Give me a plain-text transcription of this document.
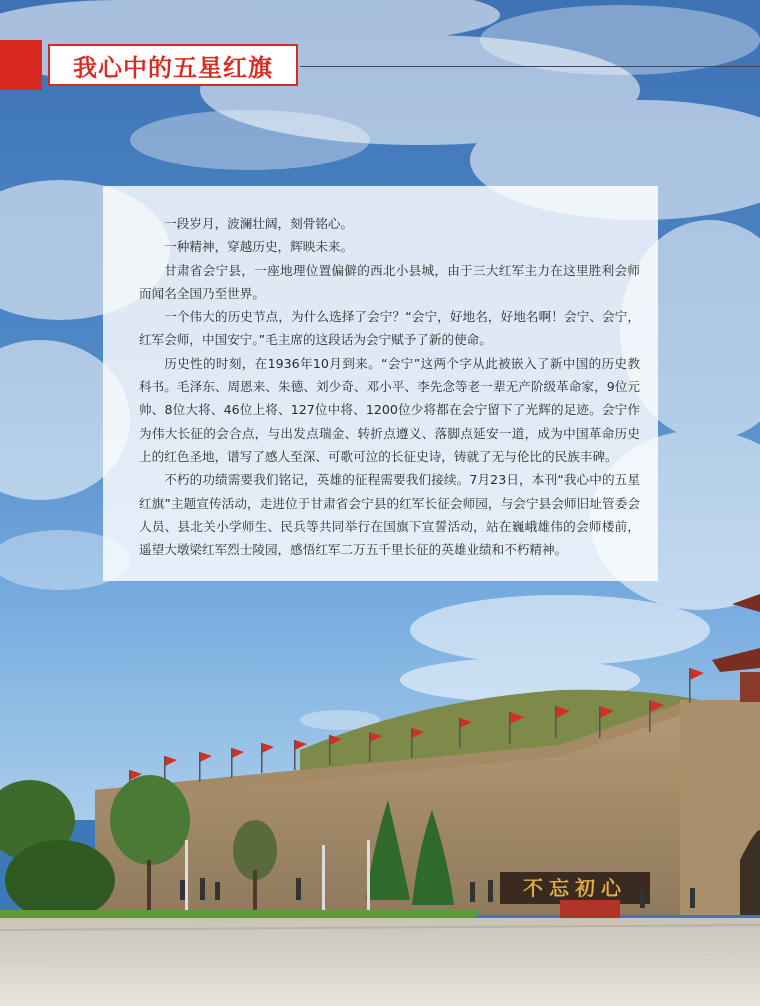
不忘初心
我心中的五星红旗

一段岁月，波澜壮阔，刻骨铭心。

一种精神，穿越历史，辉映未来。

甘肃省会宁县，一座地理位置偏僻的西北小县城，由于三大红军主力在这里胜利会师而闻名全国乃至世界。

一个伟大的历史节点，为什么选择了会宁？“会宁，好地名，好地名啊！会宁、会宁，红军会师，中国安宁。”毛主席的这段话为会宁赋予了新的使命。

历史性的时刻，在1936年10月到来。“会宁”这两个字从此被嵌入了新中国的历史教科书。毛泽东、周恩来、朱德、刘少奇、邓小平、李先念等老一辈无产阶级革命家，9位元帅、8位大将、46位上将、127位中将、1200位少将都在会宁留下了光辉的足迹。会宁作为伟大长征的会合点，与出发点瑞金、转折点遵义、落脚点延安一道，成为中国革命历史上的红色圣地，谱写了感人至深、可歌可泣的长征史诗，铸就了无与伦比的民族丰碑。

不朽的功绩需要我们铭记，英雄的征程需要我们接续。7月23日，本刊“我心中的五星红旗”主题宣传活动，走进位于甘肃省会宁县的红军长征会师园，与会宁县会师旧址管委会人员、县北关小学师生、民兵等共同举行在国旗下宣誓活动，站在巍峨雄伟的会师楼前，遥望大墩梁红军烈士陵园，感悟红军二万五千里长征的英雄业绩和不朽精神。
